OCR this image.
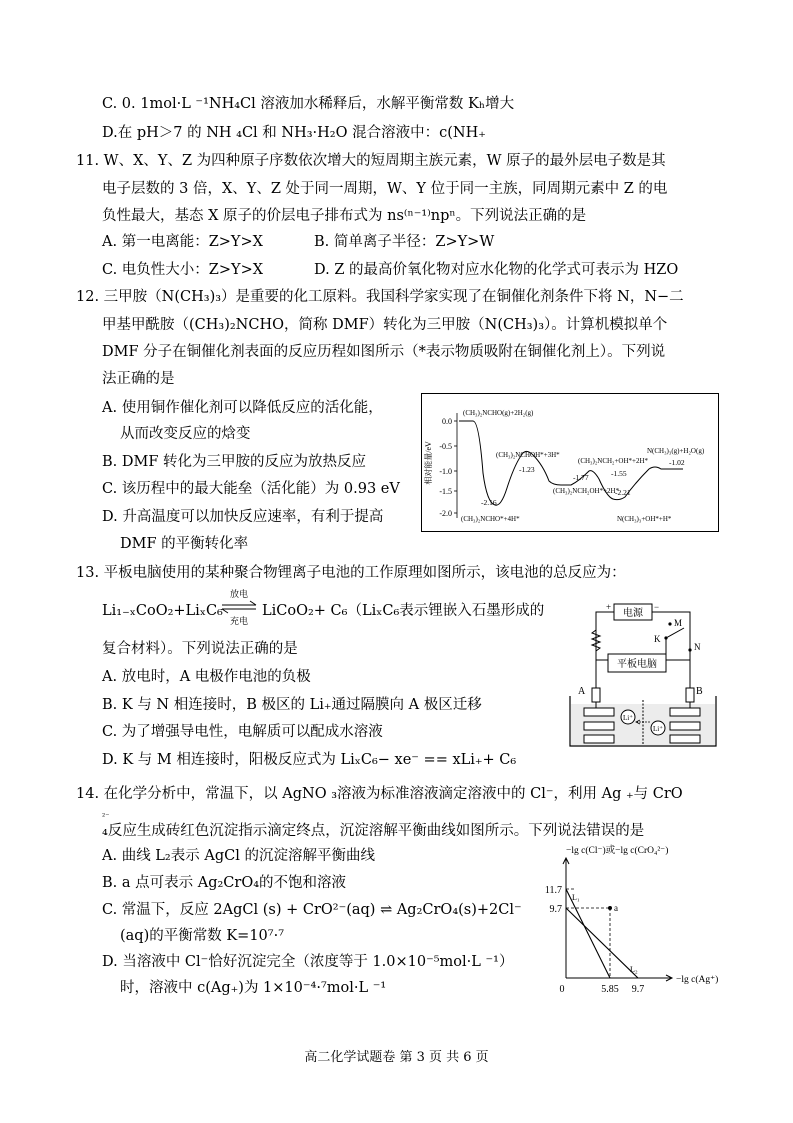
C. 0. 1mol·L ⁻¹NH₄Cl 溶液加水稀释后，水解平衡常数 Kₕ增大
D.在 pH＞7 的 NH ₄Cl 和 NH₃·H₂O 混合溶液中：c(NH₊
11. W、X、Y、Z 为四种原子序数依次增大的短周期主族元素，W 原子的最外层电子数是其
电子层数的 3 倍，X、Y、Z 处于同一周期，W、Y 位于同一主族，同周期元素中 Z 的电
负性最大，基态 X 原子的价层电子排布式为 ns⁽ⁿ⁻¹⁾npⁿ。下列说法正确的是
A. 第一电离能：Z>Y>X	B. 简单离子半径：Z>Y>W
C. 电负性大小：Z>Y>X	D. Z 的最高价氧化物对应水化物的化学式可表示为 HZO
12. 三甲胺（N(CH₃)₃）是重要的化工原料。我国科学家实现了在铜催化剂条件下将 N，N−二
甲基甲酰胺（(CH₃)₂NCHO，简称 DMF）转化为三甲胺（N(CH₃)₃）。计算机模拟单个
DMF 分子在铜催化剂表面的反应历程如图所示（*表示物质吸附在铜催化剂上）。下列说
法正确的是
A. 使用铜作催化剂可以降低反应的活化能，
从而改变反应的焓变
B. DMF 转化为三甲胺的反应为放热反应
C. 该历程中的最大能垒（活化能）为 0.93 eV
D. 升高温度可以加快反应速率，有利于提高
DMF 的平衡转化率
相对能量/eV
0.0
-0.5
-1.0
-1.5
-2.0
(CH₃)₂NCHO(g)+2H₂(g)
-2.16
(CH₃)₂NCHO*+4H*
(CH₃)₂NCHOH*+3H*
-1.23
(CH₃)₂NCH₂OH*+2H*
-1.77
(CH₃)₂NCH₂+OH*+2H*
-1.55
-2.21
N(CH₃)₃+OH*+H*
N(CH₃)₃(g)+H₂O(g)
-1.02
13. 平板电脑使用的某种聚合物锂离子电池的工作原理如图所示，该电池的总反应为：
Li₁₋ₓCoO₂+LiₓC₆
放电
充电
LiCoO₂+ C₆（LiₓC₆表示锂嵌入石墨形成的
复合材料）。下列说法正确的是
A. 放电时，A 电极作电池的负极
B. K 与 N 相连接时，B 极区的 Li₊通过隔膜向 A 极区迁移
C. 为了增强导电性，电解质可以配成水溶液
D. K 与 M 相连接时，阳极反应式为 LiₓC₆− xe⁻ == xLi₊+ C₆
+	−
电源
M
K
N
平板电脑
A	B
Li⁺
Li⁺
14. 在化学分析中，常温下，以 AgNO ₃溶液为标准溶液滴定溶液中的 Cl⁻，利用 Ag ₊与 CrO
²⁻
₄反应生成砖红色沉淀指示滴定终点，沉淀溶解平衡曲线如图所示。下列说法错误的是
A. 曲线 L₂表示 AgCl 的沉淀溶解平衡曲线
B. a 点可表示 Ag₂CrO₄的不饱和溶液
C. 常温下，反应 2AgCl (s) + CrO²⁻(aq) ⇌ Ag₂CrO₄(s)+2Cl⁻
(aq)的平衡常数 K=10⁷·⁷
D. 当溶液中 Cl⁻恰好沉淀完全（浓度等于 1.0×10⁻⁵mol·L ⁻¹）
时，溶液中 c(Ag₊)为 1×10⁻⁴·⁷mol·L ⁻¹
−lg c(Cl⁻)或−lg c(CrO₄²⁻)
−lg c(Ag⁺)
0
11.7
9.7
5.85 9.7
L₁
L₂
a
高二化学试题卷 第 3 页 共 6 页
